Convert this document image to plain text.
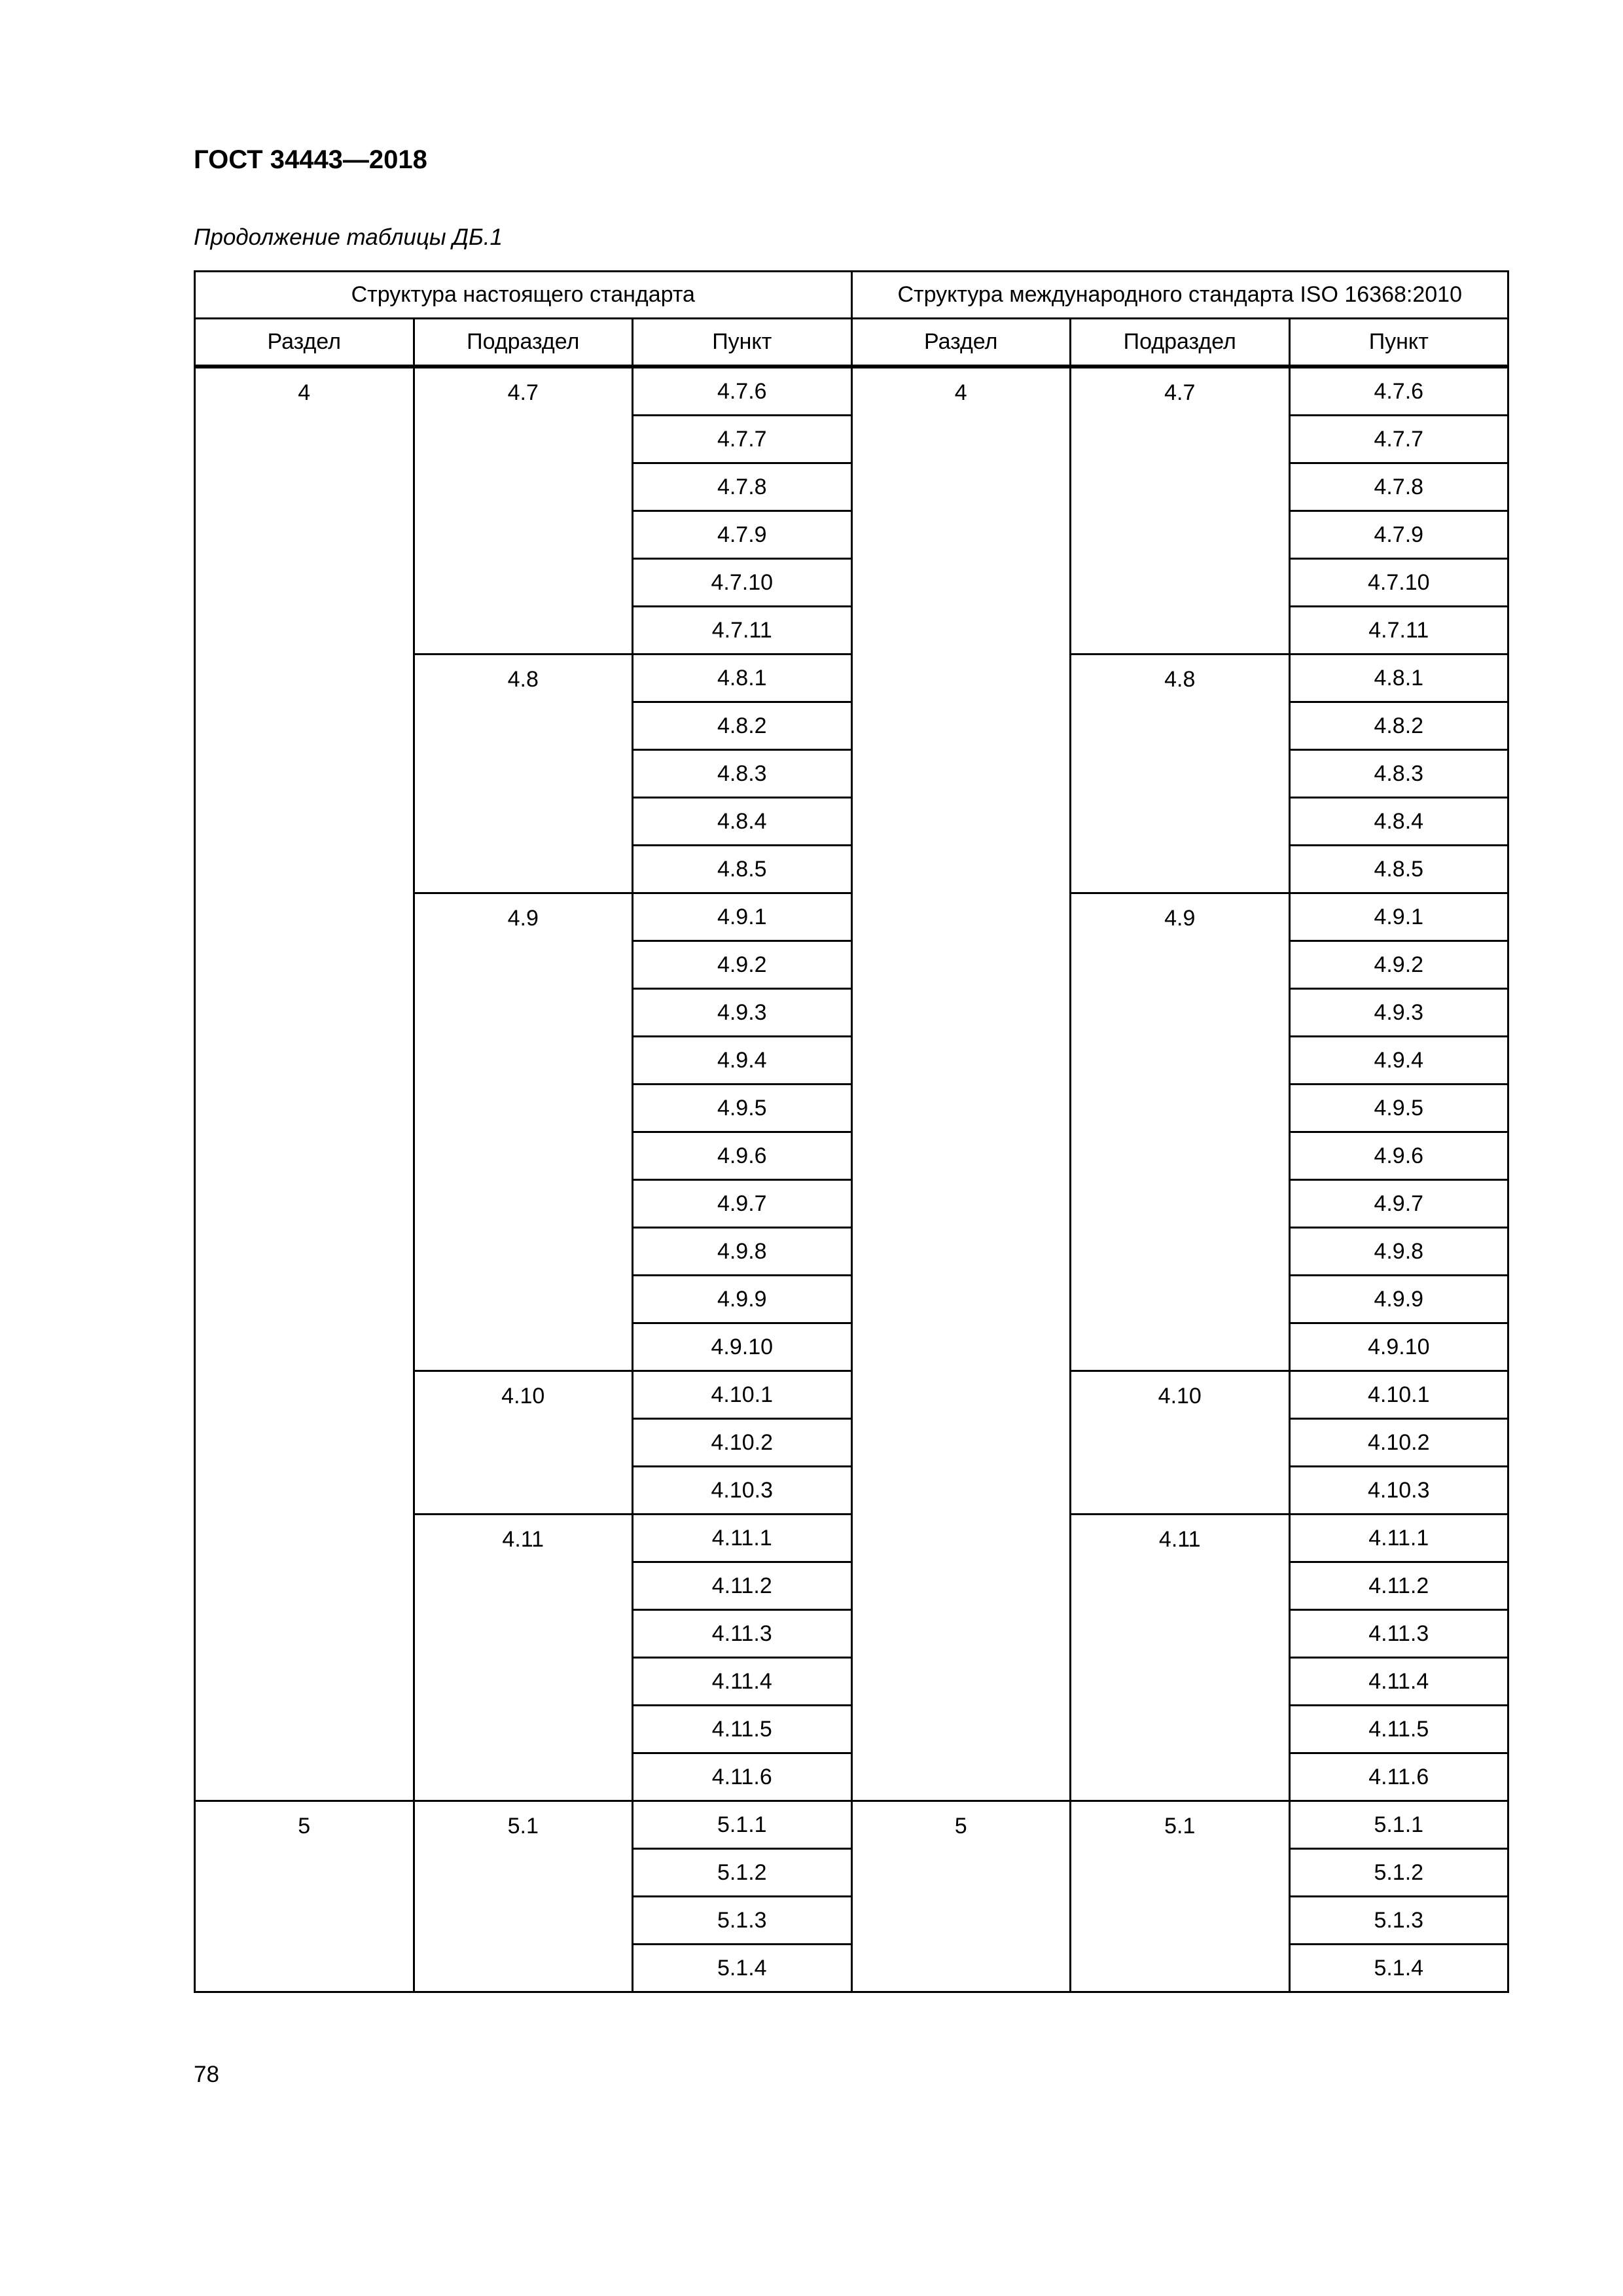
ГОСТ 34443—2018
Продолжение таблицы ДБ.1
Структура настоящего стандарта			Структура международного стандарта ISO 16368:2010		
Раздел	Подраздел	Пункт	Раздел	Подраздел	Пункт
4	4.7	4.7.6	4	4.7	4.7.6
		4.7.7			4.7.7
		4.7.8			4.7.8
		4.7.9			4.7.9
		4.7.10			4.7.10
		4.7.11			4.7.11
	4.8	4.8.1		4.8	4.8.1
		4.8.2			4.8.2
		4.8.3			4.8.3
		4.8.4			4.8.4
		4.8.5			4.8.5
	4.9	4.9.1		4.9	4.9.1
		4.9.2			4.9.2
		4.9.3			4.9.3
		4.9.4			4.9.4
		4.9.5			4.9.5
		4.9.6			4.9.6
		4.9.7			4.9.7
		4.9.8			4.9.8
		4.9.9			4.9.9
		4.9.10			4.9.10
	4.10	4.10.1		4.10	4.10.1
		4.10.2			4.10.2
		4.10.3			4.10.3
	4.11	4.11.1		4.11	4.11.1
		4.11.2			4.11.2
		4.11.3			4.11.3
		4.11.4			4.11.4
		4.11.5			4.11.5
		4.11.6			4.11.6
5	5.1	5.1.1	5	5.1	5.1.1
		5.1.2			5.1.2
		5.1.3			5.1.3
		5.1.4			5.1.4
78
